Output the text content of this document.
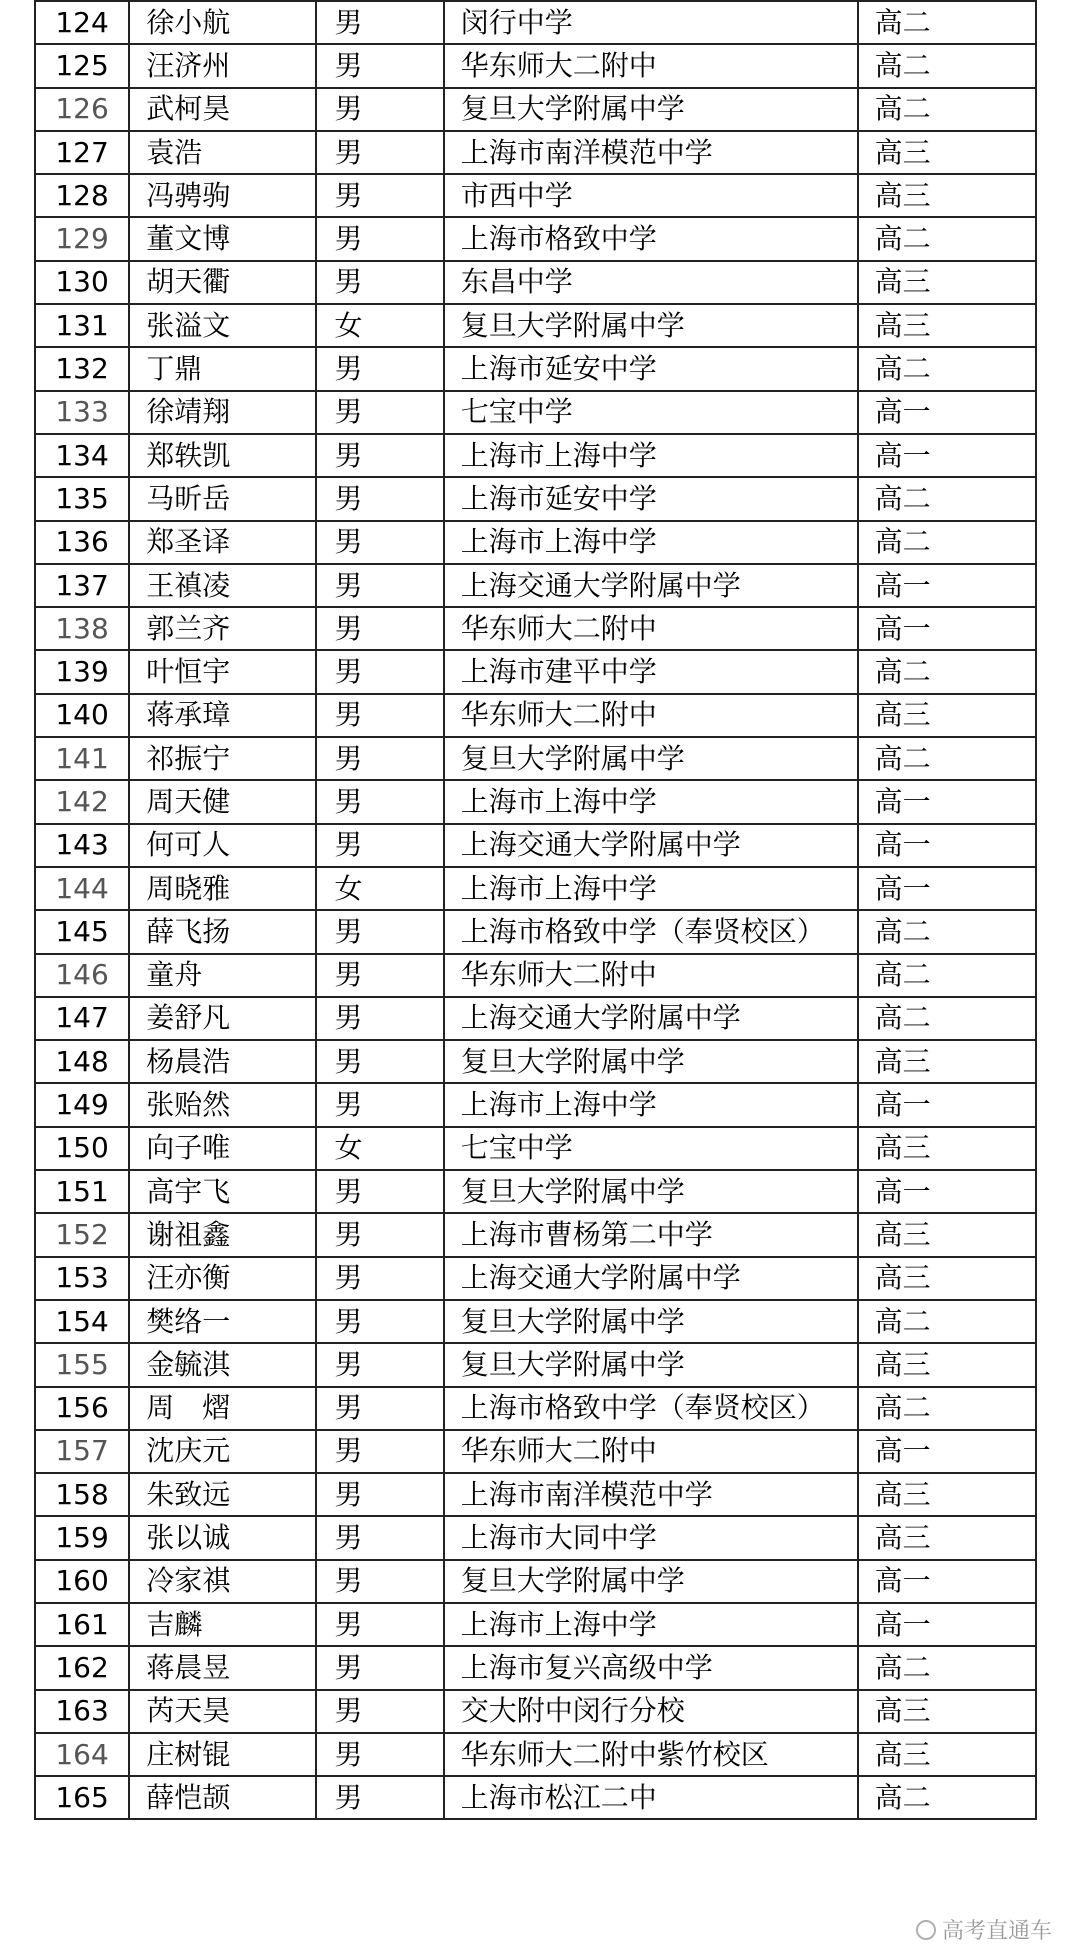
124	徐小航	男	闵行中学	高二
125	汪济州	男	华东师大二附中	高二
126	武柯昊	男	复旦大学附属中学	高二
127	袁浩	男	上海市南洋模范中学	高三
128	冯骋驹	男	市西中学	高三
129	董文博	男	上海市格致中学	高二
130	胡天衢	男	东昌中学	高三
131	张溢文	女	复旦大学附属中学	高三
132	丁鼎	男	上海市延安中学	高二
133	徐靖翔	男	七宝中学	高一
134	郑轶凯	男	上海市上海中学	高一
135	马昕岳	男	上海市延安中学	高二
136	郑圣译	男	上海市上海中学	高二
137	王禛凌	男	上海交通大学附属中学	高一
138	郭兰齐	男	华东师大二附中	高一
139	叶恒宇	男	上海市建平中学	高二
140	蒋承璋	男	华东师大二附中	高三
141	祁振宁	男	复旦大学附属中学	高二
142	周天健	男	上海市上海中学	高一
143	何可人	男	上海交通大学附属中学	高一
144	周晓雅	女	上海市上海中学	高一
145	薛飞扬	男	上海市格致中学（奉贤校区）	高二
146	童舟	男	华东师大二附中	高二
147	姜舒凡	男	上海交通大学附属中学	高二
148	杨晨浩	男	复旦大学附属中学	高三
149	张贻然	男	上海市上海中学	高一
150	向子唯	女	七宝中学	高三
151	高宇飞	男	复旦大学附属中学	高一
152	谢祖鑫	男	上海市曹杨第二中学	高三
153	汪亦衡	男	上海交通大学附属中学	高三
154	樊络一	男	复旦大学附属中学	高二
155	金毓淇	男	复旦大学附属中学	高三
156	周　熠	男	上海市格致中学（奉贤校区）	高二
157	沈庆元	男	华东师大二附中	高一
158	朱致远	男	上海市南洋模范中学	高三
159	张以诚	男	上海市大同中学	高三
160	冷家祺	男	复旦大学附属中学	高一
161	吉麟	男	上海市上海中学	高一
162	蒋晨昱	男	上海市复兴高级中学	高二
163	芮天昊	男	交大附中闵行分校	高三
164	庄树锟	男	华东师大二附中紫竹校区	高三
165	薛恺颉	男	上海市松江二中	高二
高考直通车
